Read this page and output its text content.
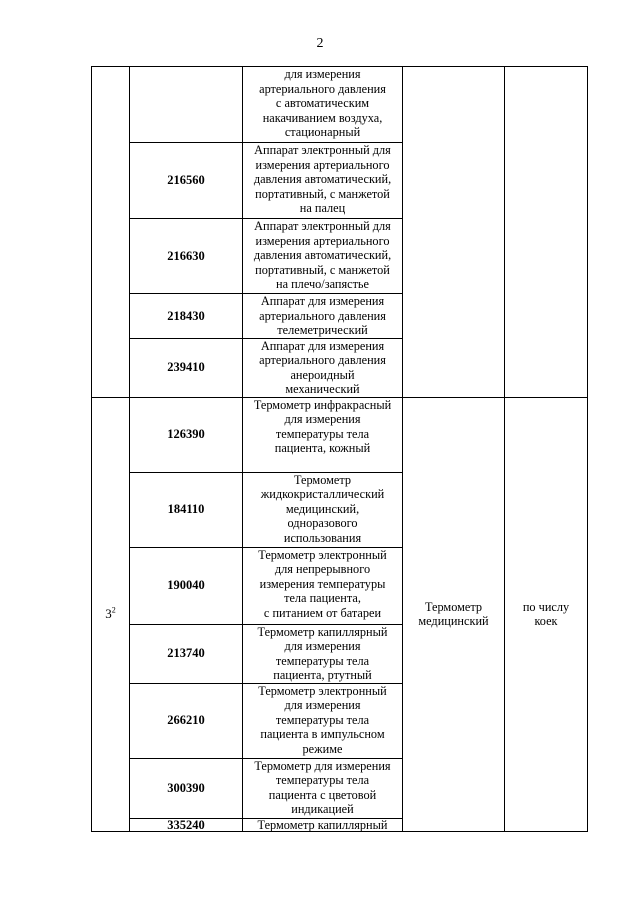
2
		для измерения
артериального давления
с автоматическим
накачиванием воздуха,
стационарный		
	216560	Аппарат электронный для
измерения артериального
давления автоматический,
портативный, с манжетой
на палец		
	216630	Аппарат электронный для
измерения артериального
давления автоматический,
портативный, с манжетой
на плечо/запястье		
	218430	Аппарат для измерения
артериального давления
телеметрический		
	239410	Аппарат для измерения
артериального давления
анероидный
механический		
$3^2$	126390	Термометр инфракрасный
для измерения
температуры тела
пациента, кожный	Термометр
медицинский	по числу
коек
	184110	Термометр
жидкокристаллический
медицинский,
одноразового
использования		
	190040	Термометр электронный
для непрерывного
измерения температуры
тела пациента,
с питанием от батареи		
	213740	Термометр капиллярный
для измерения
температуры тела
пациента, ртутный		
	266210	Термометр электронный
для измерения
температуры тела
пациента в импульсном
режиме		
	300390	Термометр для измерения
температуры тела
пациента с цветовой
индикацией		
	335240	Термометр капиллярный		
